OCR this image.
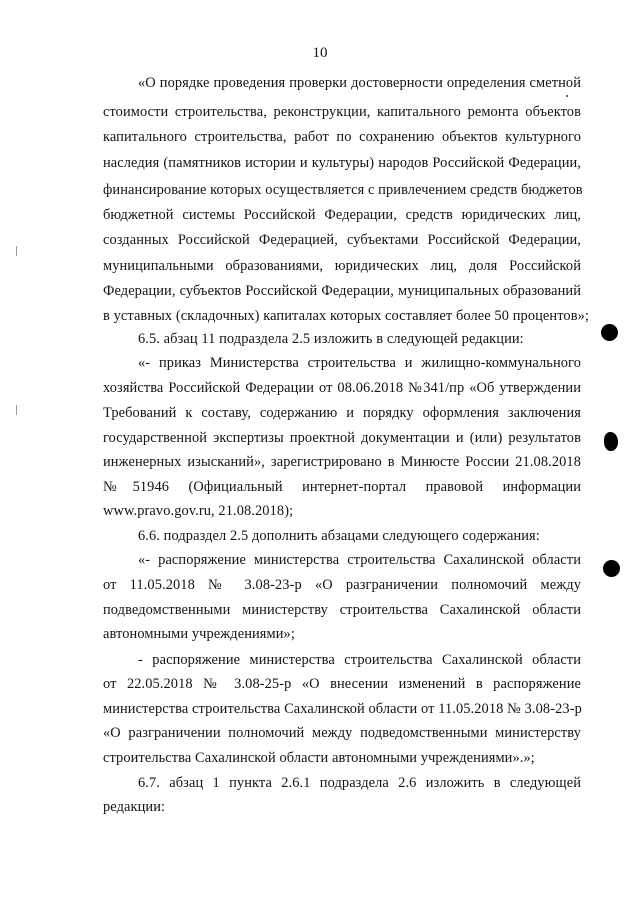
10
«О порядке проведения проверки достоверности определения сметной
стоимости строительства, реконструкции, капитального ремонта объектов
капитального строительства, работ по сохранению объектов культурного
наследия (памятников истории и культуры) народов Российской Федерации,
финансирование которых осуществляется с привлечением средств бюджетов
бюджетной системы Российской Федерации, средств юридических лиц,
созданных Российской Федерацией, субъектами Российской Федерации,
муниципальными образованиями, юридических лиц, доля Российской
Федерации, субъектов Российской Федерации, муниципальных образований
в уставных (складочных) капиталах которых составляет более 50 процентов»;
6.5. абзац 11 подраздела 2.5 изложить в следующей редакции:
«- приказ Министерства строительства и жилищно-коммунального
хозяйства Российской Федерации от 08.06.2018 №341/пр «Об утверждении
Требований к составу, содержанию и порядку оформления заключения
государственной экспертизы проектной документации и (или) результатов
инженерных изысканий», зарегистрировано в Минюсте России 21.08.2018
№51946 (Официальный интернет-портал правовой информации
www.pravo.gov.ru, 21.08.2018);
6.6. подраздел 2.5 дополнить абзацами следующего содержания:
«- распоряжение министерства строительства Сахалинской области
от 11.05.2018 № 3.08-23-р «О разграничении полномочий между
подведомственными министерству строительства Сахалинской области
автономными учреждениями»;
- распоряжение министерства строительства Сахалинской области
от 22.05.2018 № 3.08-25-р «О внесении изменений в распоряжение
министерства строительства Сахалинской области от 11.05.2018 № 3.08-23-р
«О разграничении полномочий между подведомственными министерству
строительства Сахалинской области автономными учреждениями».»;
6.7. абзац 1 пункта 2.6.1 подраздела 2.6 изложить в следующей
редакции:
